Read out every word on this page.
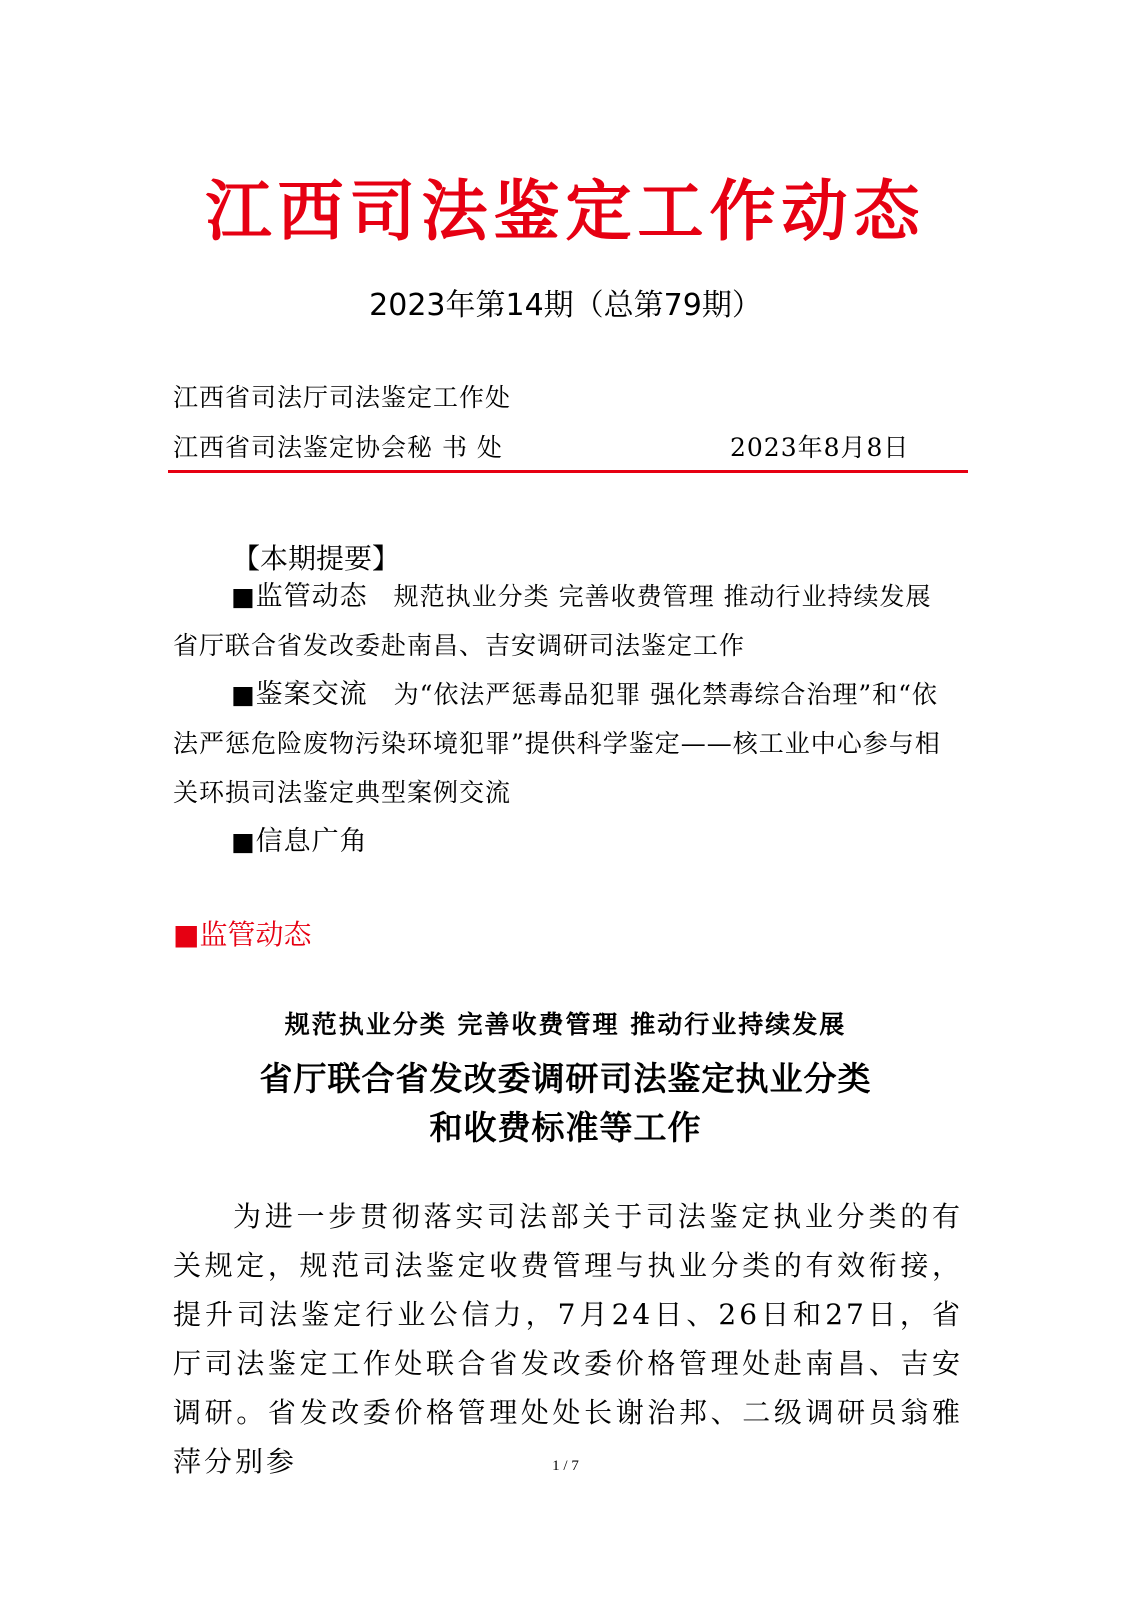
江西司法鉴定工作动态
2023年第14期（总第79期）
江西省司法厅司法鉴定工作处
江西省司法鉴定协会秘 书 处	2023年8月8日
【本期提要】
■监管动态 规范执业分类 完善收费管理 推动行业持续发展　省厅联合省发改委赴南昌、吉安调研司法鉴定工作
■鉴案交流 为“依法严惩毒品犯罪 强化禁毒综合治理”和“依法严惩危险废物污染环境犯罪”提供科学鉴定——核工业中心参与相关环损司法鉴定典型案例交流
■信息广角
■监管动态
规范执业分类 完善收费管理 推动行业持续发展
省厅联合省发改委调研司法鉴定执业分类
和收费标准等工作
为进一步贯彻落实司法部关于司法鉴定执业分类的有关规定，规范司法鉴定收费管理与执业分类的有效衔接，提升司法鉴定行业公信力，7月24日、26日和27日，省厅司法鉴定工作处联合省发改委价格管理处赴南昌、吉安调研。省发改委价格管理处处长谢治邦、二级调研员翁雅萍分别参	1 / 7
